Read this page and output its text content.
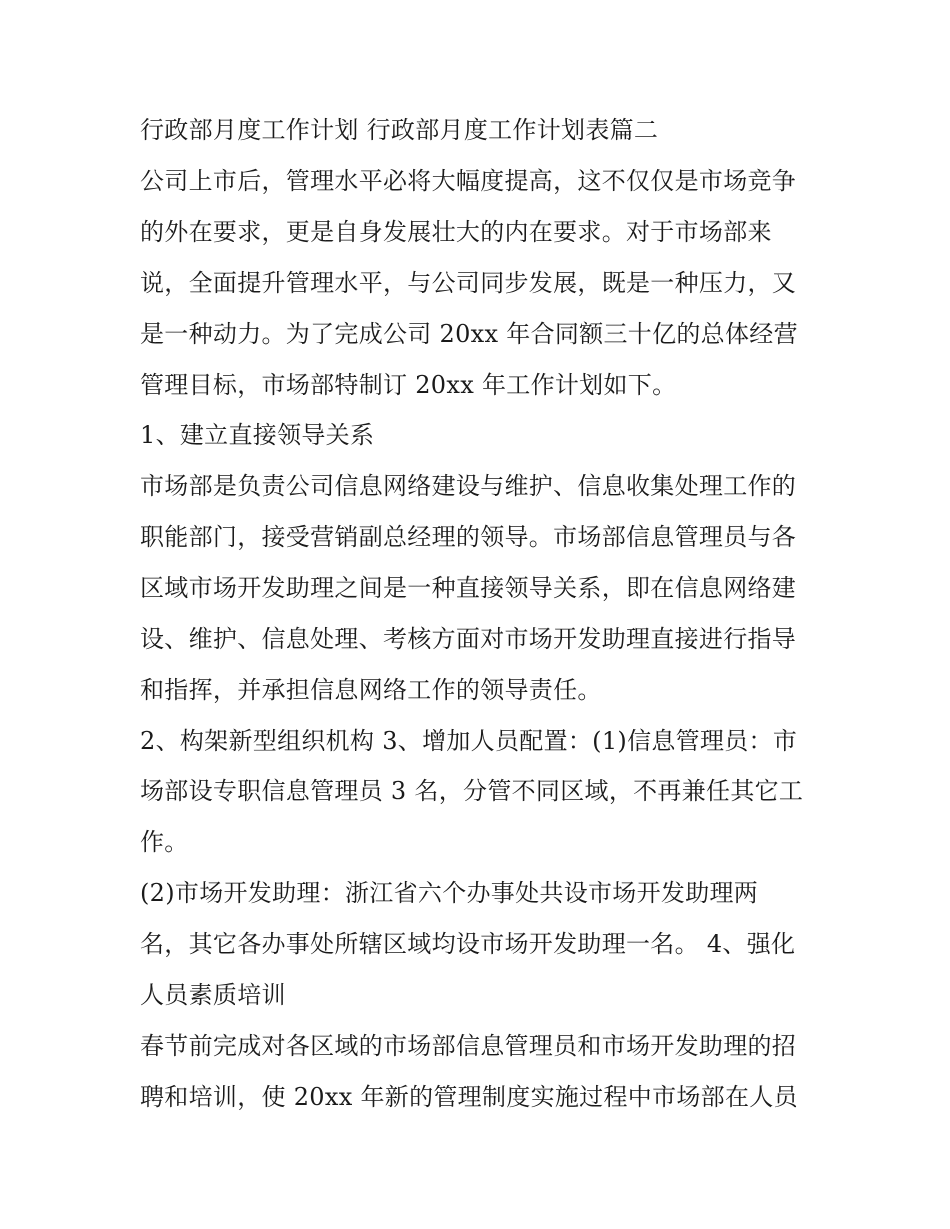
行政部月度工作计划 行政部月度工作计划表篇二
公司上市后，管理水平必将大幅度提高，这不仅仅是市场竞争
的外在要求，更是自身发展壮大的内在要求。对于市场部来
说，全面提升管理水平，与公司同步发展，既是一种压力，又
是一种动力。为了完成公司 20xx 年合同额三十亿的总体经营
管理目标，市场部特制订 20xx 年工作计划如下。
1、建立直接领导关系
市场部是负责公司信息网络建设与维护、信息收集处理工作的
职能部门，接受营销副总经理的领导。市场部信息管理员与各
区域市场开发助理之间是一种直接领导关系，即在信息网络建
设、维护、信息处理、考核方面对市场开发助理直接进行指导
和指挥，并承担信息网络工作的领导责任。
2、构架新型组织机构 3、增加人员配置：(1)信息管理员：市
场部设专职信息管理员 3 名，分管不同区域，不再兼任其它工
作。
(2)市场开发助理：浙江省六个办事处共设市场开发助理两
名，其它各办事处所辖区域均设市场开发助理一名。 4、强化
人员素质培训
春节前完成对各区域的市场部信息管理员和市场开发助理的招
聘和培训，使 20xx 年新的管理制度实施过程中市场部在人员
